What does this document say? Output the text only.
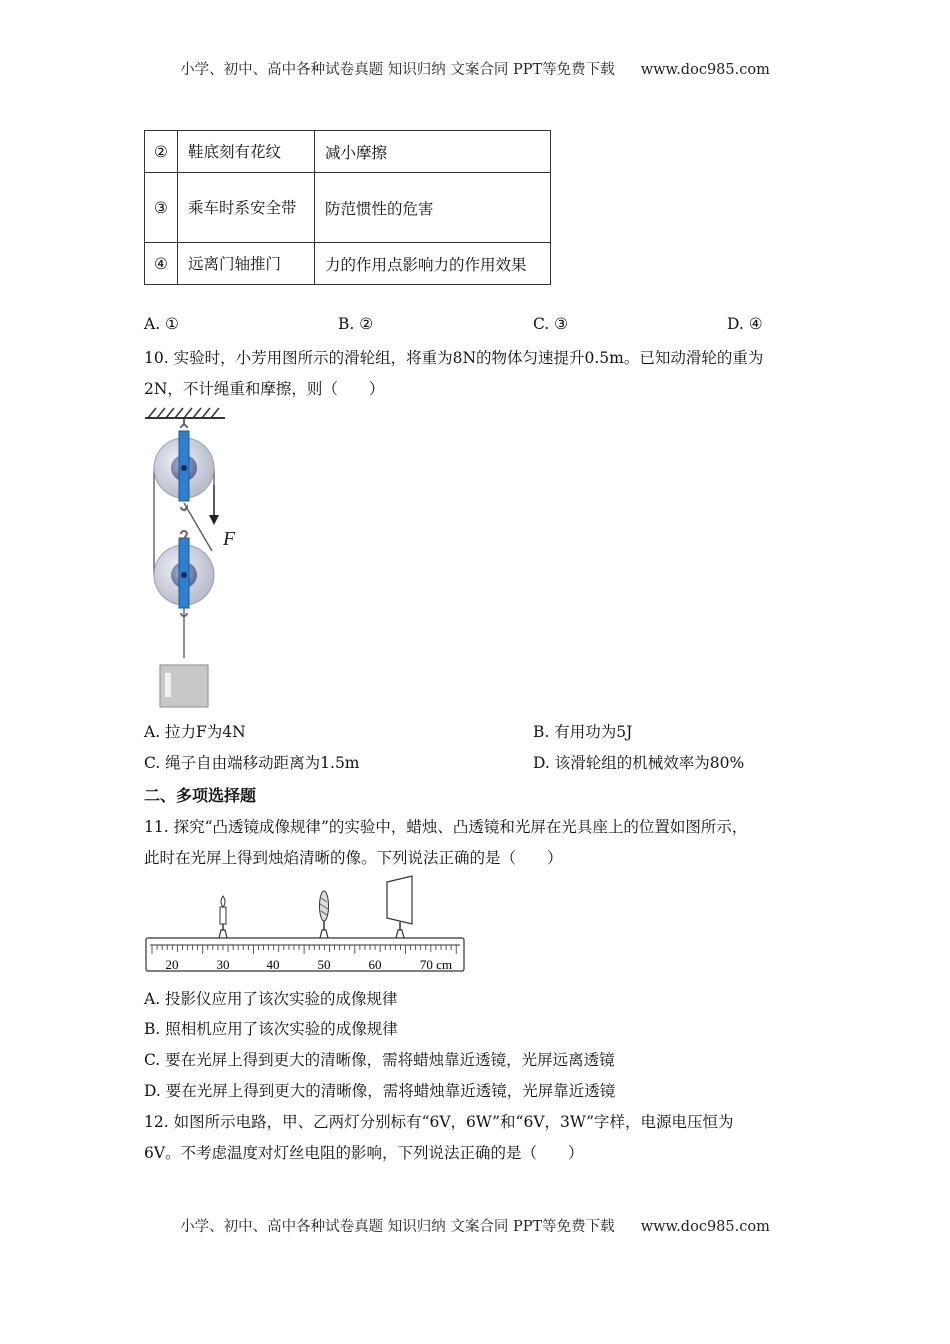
小学、初中、高中各种试卷真题 知识归纳 文案合同 PPT等免费下载 www.doc985.com
②	鞋底刻有花纹	减小摩擦
③	乘车时系安全带	防范惯性的危害
④	远离门轴推门	力的作用点影响力的作用效果
A. ①	B. ②	C. ③	D. ④
10. 实验时，小芳用图所示的滑轮组，将重为8N的物体匀速提升0.5m。已知动滑轮的重为
2N，不计绳重和摩擦，则（　　）
F
A. 拉力F为4N	B. 有用功为5J
C. 绳子自由端移动距离为1.5m	D. 该滑轮组的机械效率为80%
二、多项选择题
11. 探究“凸透镜成像规律”的实验中，蜡烛、凸透镜和光屏在光具座上的位置如图所示，
此时在光屏上得到烛焰清晰的像。下列说法正确的是（　　）
20	30	40	50	60	70 cm
A. 投影仪应用了该次实验的成像规律
B. 照相机应用了该次实验的成像规律
C. 要在光屏上得到更大的清晰像，需将蜡烛靠近透镜，光屏远离透镜
D. 要在光屏上得到更大的清晰像，需将蜡烛靠近透镜，光屏靠近透镜
12. 如图所示电路，甲、乙两灯分别标有“6V，6W”和“6V，3W”字样，电源电压恒为
6V。不考虑温度对灯丝电阻的影响，下列说法正确的是（　　）
小学、初中、高中各种试卷真题 知识归纳 文案合同 PPT等免费下载 www.doc985.com
